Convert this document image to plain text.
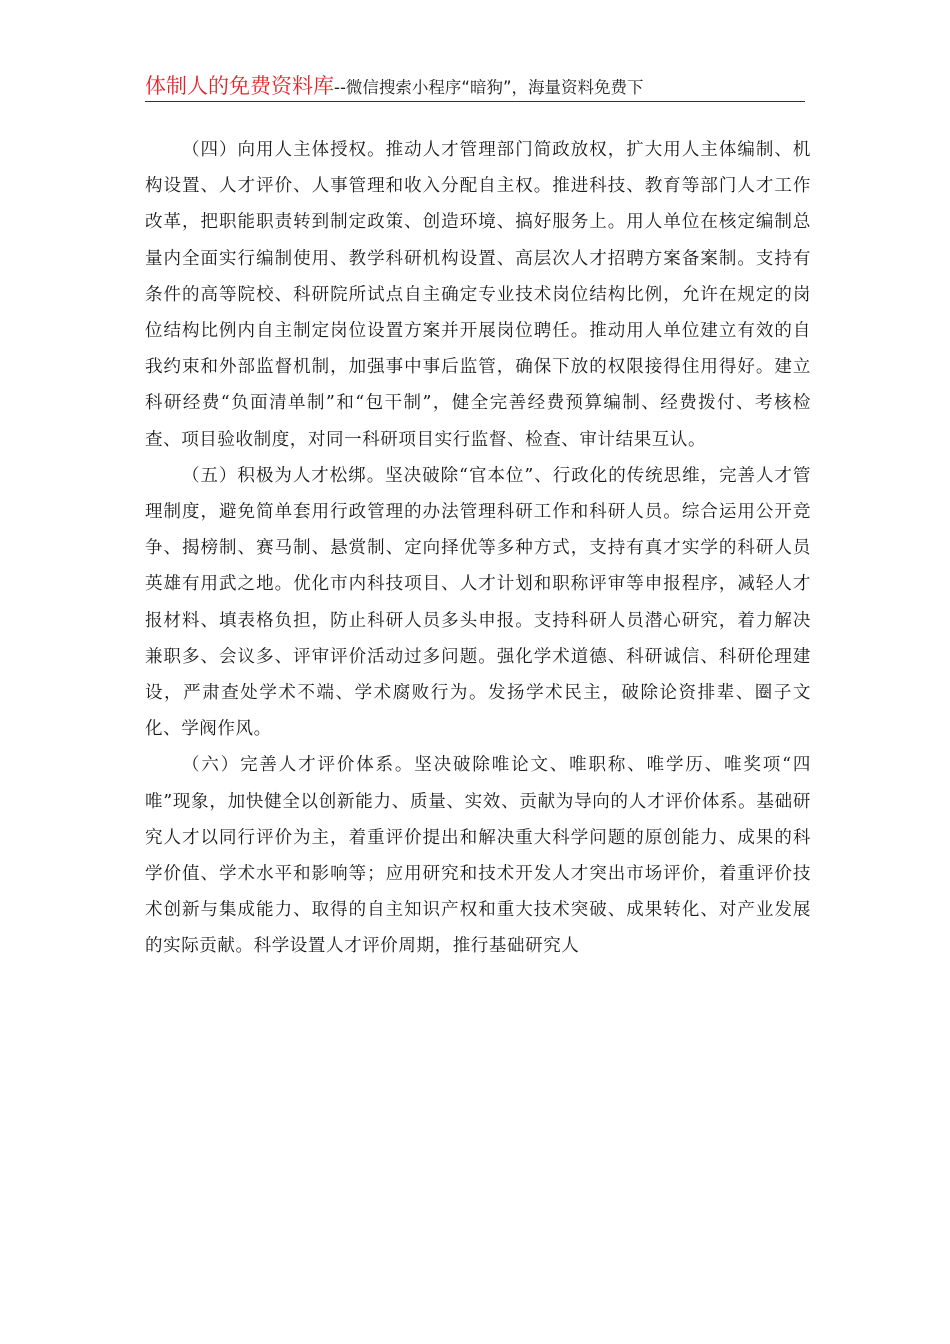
体制人的免费资料库--微信搜索小程序“暗狗”，海量资料免费下

（四）向用人主体授权。推动人才管理部门简政放权，扩大用人主体编制、机构设置、人才评价、人事管理和收入分配自主权。推进科技、教育等部门人才工作改革，把职能职责转到制定政策、创造环境、搞好服务上。用人单位在核定编制总量内全面实行编制使用、教学科研机构设置、高层次人才招聘方案备案制。支持有条件的高等院校、科研院所试点自主确定专业技术岗位结构比例，允许在规定的岗位结构比例内自主制定岗位设置方案并开展岗位聘任。推动用人单位建立有效的自我约束和外部监督机制，加强事中事后监管，确保下放的权限接得住用得好。建立科研经费“负面清单制”和“包干制”，健全完善经费预算编制、经费拨付、考核检查、项目验收制度，对同一科研项目实行监督、检查、审计结果互认。

（五）积极为人才松绑。坚决破除“官本位”、行政化的传统思维，完善人才管理制度，避免简单套用行政管理的办法管理科研工作和科研人员。综合运用公开竞争、揭榜制、赛马制、悬赏制、定向择优等多种方式，支持有真才实学的科研人员英雄有用武之地。优化市内科技项目、人才计划和职称评审等申报程序，减轻人才报材料、填表格负担，防止科研人员多头申报。支持科研人员潜心研究，着力解决兼职多、会议多、评审评价活动过多问题。强化学术道德、科研诚信、科研伦理建设，严肃查处学术不端、学术腐败行为。发扬学术民主，破除论资排辈、圈子文化、学阀作风。

（六）完善人才评价体系。坚决破除唯论文、唯职称、唯学历、唯奖项“四唯”现象，加快健全以创新能力、质量、实效、贡献为导向的人才评价体系。基础研究人才以同行评价为主，着重评价提出和解决重大科学问题的原创能力、成果的科学价值、学术水平和影响等；应用研究和技术开发人才突出市场评价，着重评价技术创新与集成能力、取得的自主知识产权和重大技术突破、成果转化、对产业发展的实际贡献。科学设置人才评价周期，推行基础研究人
